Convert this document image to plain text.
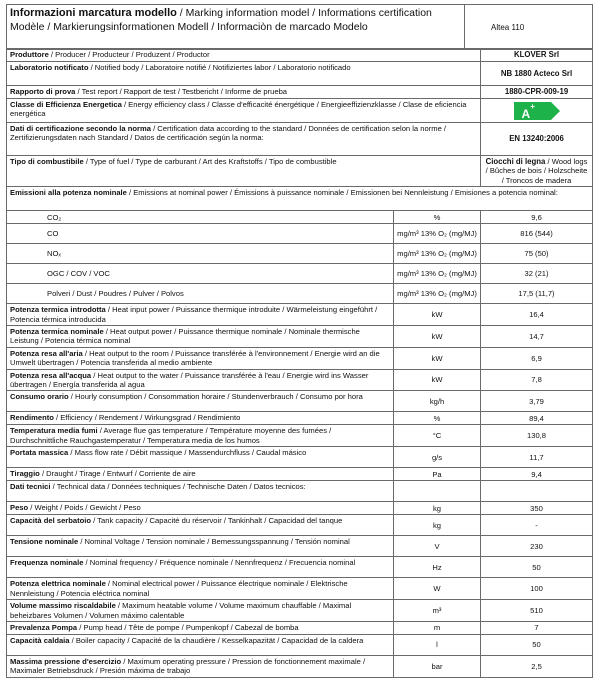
Informazioni marcatura modello / Marking information model / Informations certification Modèle / Markierungsinformationen Modell / Informaciòn de marcado Modelo	Altea 110
Produttore / Producer / Producteur / Produzent / Productor		KLOVER Srl
Laboratorio notificato / Notified body / Laboratoire notifié / Notifiziertes labor / Laboratorio notificado		NB 1880 Acteco Srl
Rapporto di prova / Test report / Rapport de test / Testbericht / Informe de prueba		1880-CPR-009-19
Classe di Efficienza Energetica / Energy efficiency class / Classe d'efficacité énergétique / Energieeffizienzklasse / Clase de eficiencia energética		A+

Dati di certificazione secondo la norma / Certification data according to the standard / Données de certification selon la norme / Zertifizierungsdaten nach Standard / Datos de certificación según la norma:		EN 13240:2006
Tipo di combustibile / Type of fuel / Type de carburant / Art des Kraftstoffs / Tipo de combustible		Ciocchi di legna / Wood logs / Bûches de bois / Holzscheite / Troncos de madera
Emissioni alla potenza nominale / Emissions at nominal power / Émissions à puissance nominale / Emissionen bei Nennleistung / Emisiones a potencia nominal:		
CO₂	%	9,6
CO	mg/m³ 13% O₂ (mg/MJ)	816 (544)
NOₓ	mg/m³ 13% O₂ (mg/MJ)	75 (50)
OGC / COV / VOC	mg/m³ 13% O₂ (mg/MJ)	32 (21)
Polveri / Dust / Poudres / Pulver / Polvos	mg/m³ 13% O₂ (mg/MJ)	17,5 (11,7)
Potenza termica introdotta / Heat input power / Puissance thermique introduite / Wärmeleistung eingeführt / Potencia térmica introducida	kW	16,4
Potenza termica nominale / Heat output power / Puissance thermique nominale / Nominale thermische Leistung / Potencia térmica nominal	kW	14,7
Potenza resa all'aria / Heat output to the room / Puissance transférée à l'environnement / Energie wird an die Umwelt übertragen / Potencia transferida al medio ambiente	kW	6,9
Potenza resa all'acqua / Heat output to the water / Puissance transférée à l'eau / Energie wird ins Wasser übertragen / Energía transferida al agua	kW	7,8
Consumo orario / Hourly consumption / Consommation horaire / Stundenverbrauch / Consumo por hora	kg/h	3,79
Rendimento / Efficiency / Rendement / Wirkungsgrad / Rendimiento	%	89,4
Temperatura media fumi / Average flue gas temperature / Température moyenne des fumées / Durchschnittliche Rauchgastemperatur / Temperatura media de los humos	°C	130,8
Portata massica / Mass flow rate / Débit massique / Massendurchfluss / Caudal másico	g/s	11,7
Tiraggio / Draught / Tirage / Entwurf / Corriente de aire	Pa	9,4
Dati tecnici / Technical data / Données techniques / Technische Daten / Datos tecnicos:		
Peso / Weight / Poids / Gewicht / Peso	kg	350
Capacità del serbatoio / Tank capacity / Capacité du réservoir / Tankinhalt / Capacidad del tanque	kg	-
Tensione nominale / Nominal Voltage / Tension nominale / Bemessungsspannung / Tensión nominal	V	230
Frequenza nominale / Nominal frequency / Fréquence nominale / Nennfrequenz / Frecuencia nominal	Hz	50
Potenza elettrica nominale / Nominal electrical power / Puissance électrique nominale / Elektrische Nennleistung / Potencia eléctrica nominal	W	100
Volume massimo riscaldabile / Maximum heatable volume / Volume maximum chauffable / Maximal beheizbares Volumen / Volumen máximo calentable	m³	510
Prevalenza Pompa / Pump head / Tête de pompe / Pumpenkopf / Cabezal de bomba	m	7
Capacità caldaia / Boiler capacity / Capacité de la chaudière / Kesselkapazität / Capacidad de la caldera	l	50
Massima pressione d'esercizio / Maximum operating pressure / Pression de fonctionnement maximale / Maximaler Betriebsdruck / Presión máxima de trabajo	bar	2,5
